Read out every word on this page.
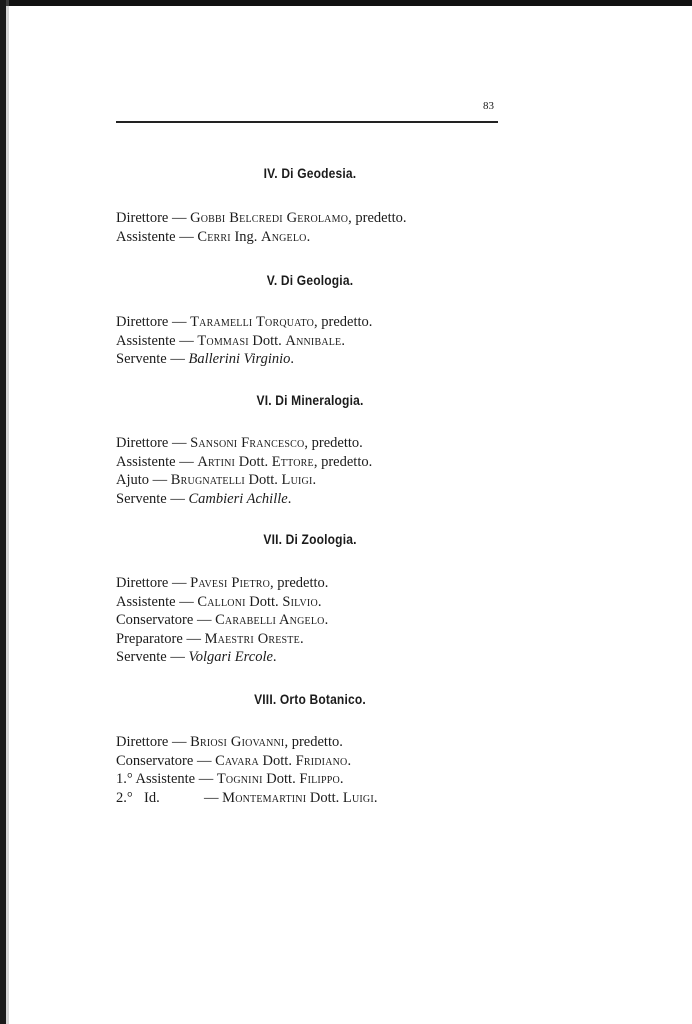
83
IV. Di Geodesia.
Direttore — Gobbi Belcredi Gerolamo, predetto.
Assistente — Cerri Ing. Angelo.
V. Di Geologia.
Direttore — Taramelli Torquato, predetto.
Assistente — Tommasi Dott. Annibale.
Servente — Ballerini Virginio.
VI. Di Mineralogia.
Direttore — Sansoni Francesco, predetto.
Assistente — Artini Dott. Ettore, predetto.
Ajuto — Brugnatelli Dott. Luigi.
Servente — Cambieri Achille.
VII. Di Zoologia.
Direttore — Pavesi Pietro, predetto.
Assistente — Calloni Dott. Silvio.
Conservatore — Carabelli Angelo.
Preparatore — Maestri Oreste.
Servente — Volgari Ercole.
VIII. Orto Botanico.
Direttore — Briosi Giovanni, predetto.
Conservatore — Cavara Dott. Fridiano.
1.° Assistente — Tognini Dott. Filippo.
2.° Id.	— Montemartini Dott. Luigi.
